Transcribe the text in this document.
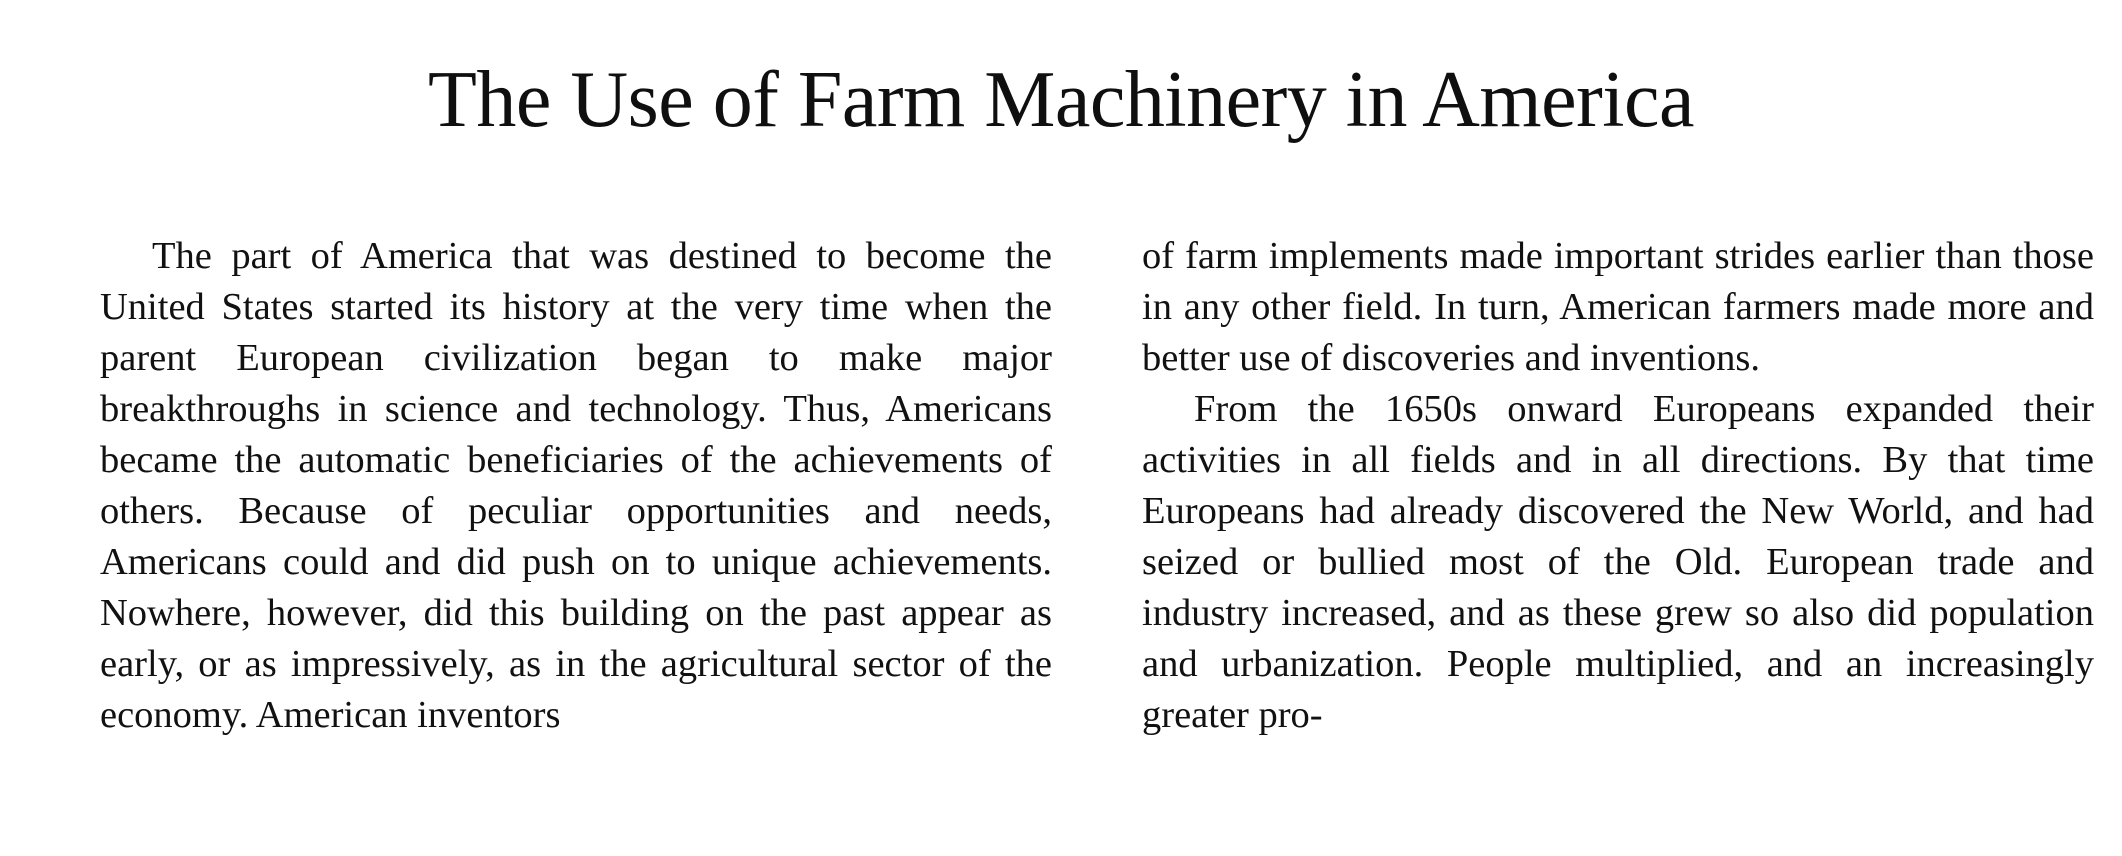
The Use of Farm Machinery in America

The part of America that was destined to become the United States started its history at the very time when the parent European civilization began to make major breakthroughs in science and technology. Thus, Americans became the automatic beneficiaries of the achievements of others. Because of peculiar opportunities and needs, Americans could and did push on to unique achievements. Nowhere, however, did this building on the past appear as early, or as impressively, as in the agricultural sector of the economy. American inventors

of farm implements made important strides earlier than those in any other field. In turn, American farmers made more and better use of discoveries and inventions.

From the 1650s onward Europeans expanded their activities in all fields and in all directions. By that time Europeans had already discovered the New World, and had seized or bullied most of the Old. European trade and industry increased, and as these grew so also did population and urbanization. People multiplied, and an increasingly greater pro-
